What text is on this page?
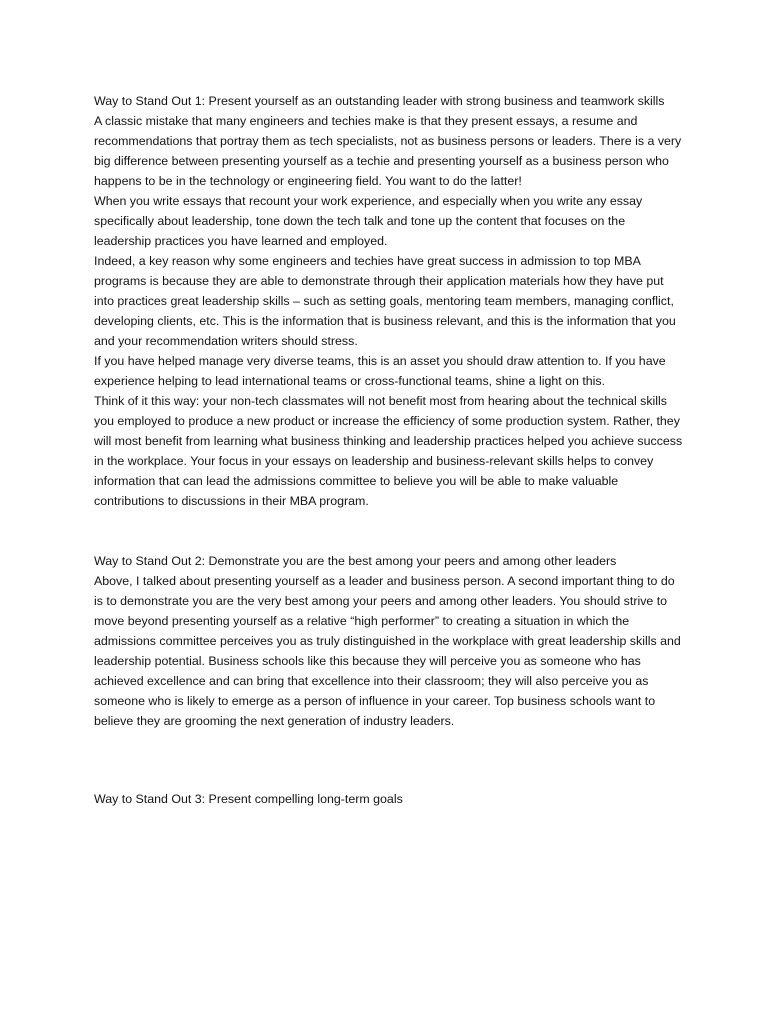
Way to Stand Out 1: Present yourself as an outstanding leader with strong business and teamwork skills

A classic mistake that many engineers and techies make is that they present essays, a resume and recommendations that portray them as tech specialists, not as business persons or leaders. There is a very big difference between presenting yourself as a techie and presenting yourself as a business person who happens to be in the technology or engineering field. You want to do the latter!

When you write essays that recount your work experience, and especially when you write any essay specifically about leadership, tone down the tech talk and tone up the content that focuses on the leadership practices you have learned and employed.

Indeed, a key reason why some engineers and techies have great success in admission to top MBA programs is because they are able to demonstrate through their application materials how they have put into practices great leadership skills – such as setting goals, mentoring team members, managing conflict, developing clients, etc. This is the information that is business relevant, and this is the information that you and your recommendation writers should stress.

If you have helped manage very diverse teams, this is an asset you should draw attention to. If you have experience helping to lead international teams or cross-functional teams, shine a light on this.

Think of it this way: your non-tech classmates will not benefit most from hearing about the technical skills you employed to produce a new product or increase the efficiency of some production system. Rather, they will most benefit from learning what business thinking and leadership practices helped you achieve success in the workplace. Your focus in your essays on leadership and business-relevant skills helps to convey information that can lead the admissions committee to believe you will be able to make valuable contributions to discussions in their MBA program.

Way to Stand Out 2: Demonstrate you are the best among your peers and among other leaders

Above, I talked about presenting yourself as a leader and business person. A second important thing to do is to demonstrate you are the very best among your peers and among other leaders. You should strive to move beyond presenting yourself as a relative “high performer” to creating a situation in which the admissions committee perceives you as truly distinguished in the workplace with great leadership skills and leadership potential. Business schools like this because they will perceive you as someone who has achieved excellence and can bring that excellence into their classroom; they will also perceive you as someone who is likely to emerge as a person of influence in your career. Top business schools want to believe they are grooming the next generation of industry leaders.

Way to Stand Out 3: Present compelling long-term goals
